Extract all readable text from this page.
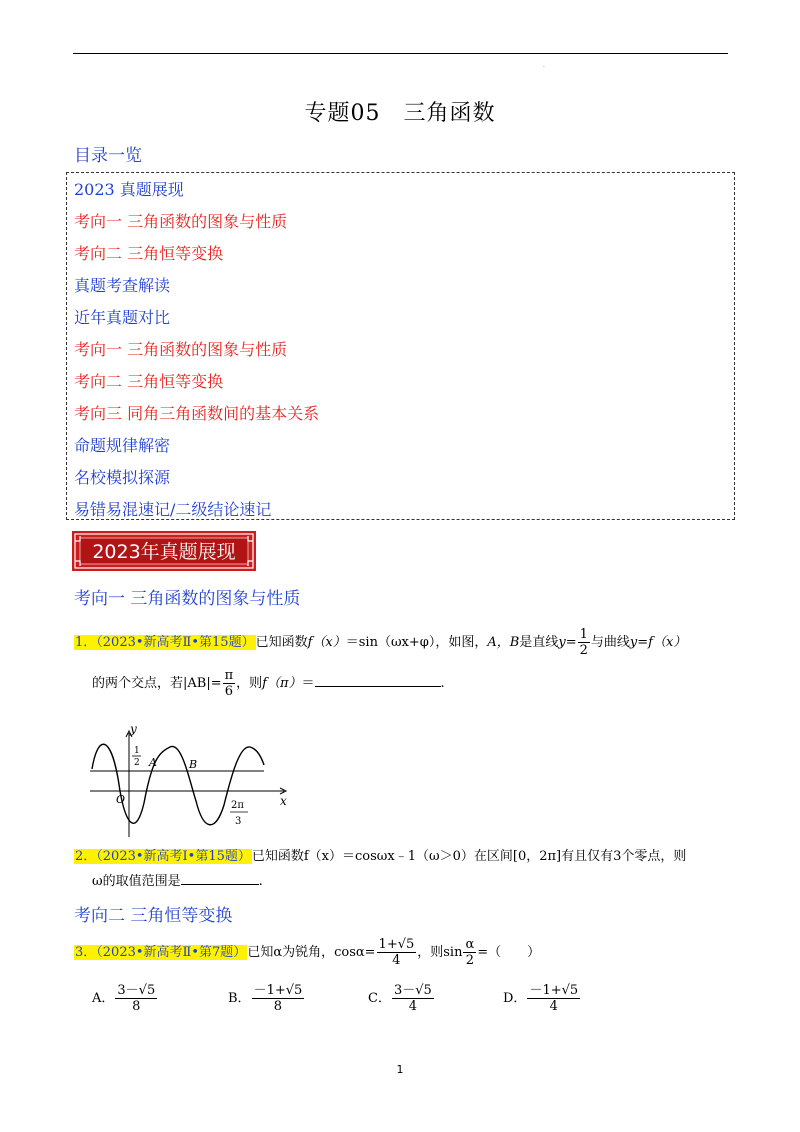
.
专题05　三角函数
目录一览
2023 真题展现
考向一 三角函数的图象与性质
考向二 三角恒等变换
真题考查解读
近年真题对比
考向一 三角函数的图象与性质
考向二 三角恒等变换
考向三 同角三角函数间的基本关系
命题规律解密
名校模拟探源
易错易混速记/二级结论速记
2023年真题展现
考向一 三角函数的图象与性质
1．（2023•新高考Ⅱ•第15题）已知函数f（x）＝sin（ωx+φ），如图，A，B是直线$y= \frac{1}{2}$ 与曲线y=f（x）
的两个交点，若$|AB|= \frac{\pi}{6}$ ，则f（π）＝	.
y
x
O
A	B
1
2
2π
3
2．（2023•新高考Ⅰ•第15题）已知函数f（x）＝cosωx﹣1（ω＞0）在区间[0，2π]有且仅有3个零点，则
ω的取值范围是	.
考向二 三角恒等变换
3．（2023•新高考Ⅱ•第7题）已知α为锐角，$\cos\alpha= \frac{1+√5}{4}$ ，则$\sin \frac{\alpha}{2}$ =（　　）
A． $\frac{3-√5}{8}$	B． $\frac{-1+√5}{8}$	C． $\frac{3-√5}{4}$	D． $\frac{-1+√5}{4}$
1
